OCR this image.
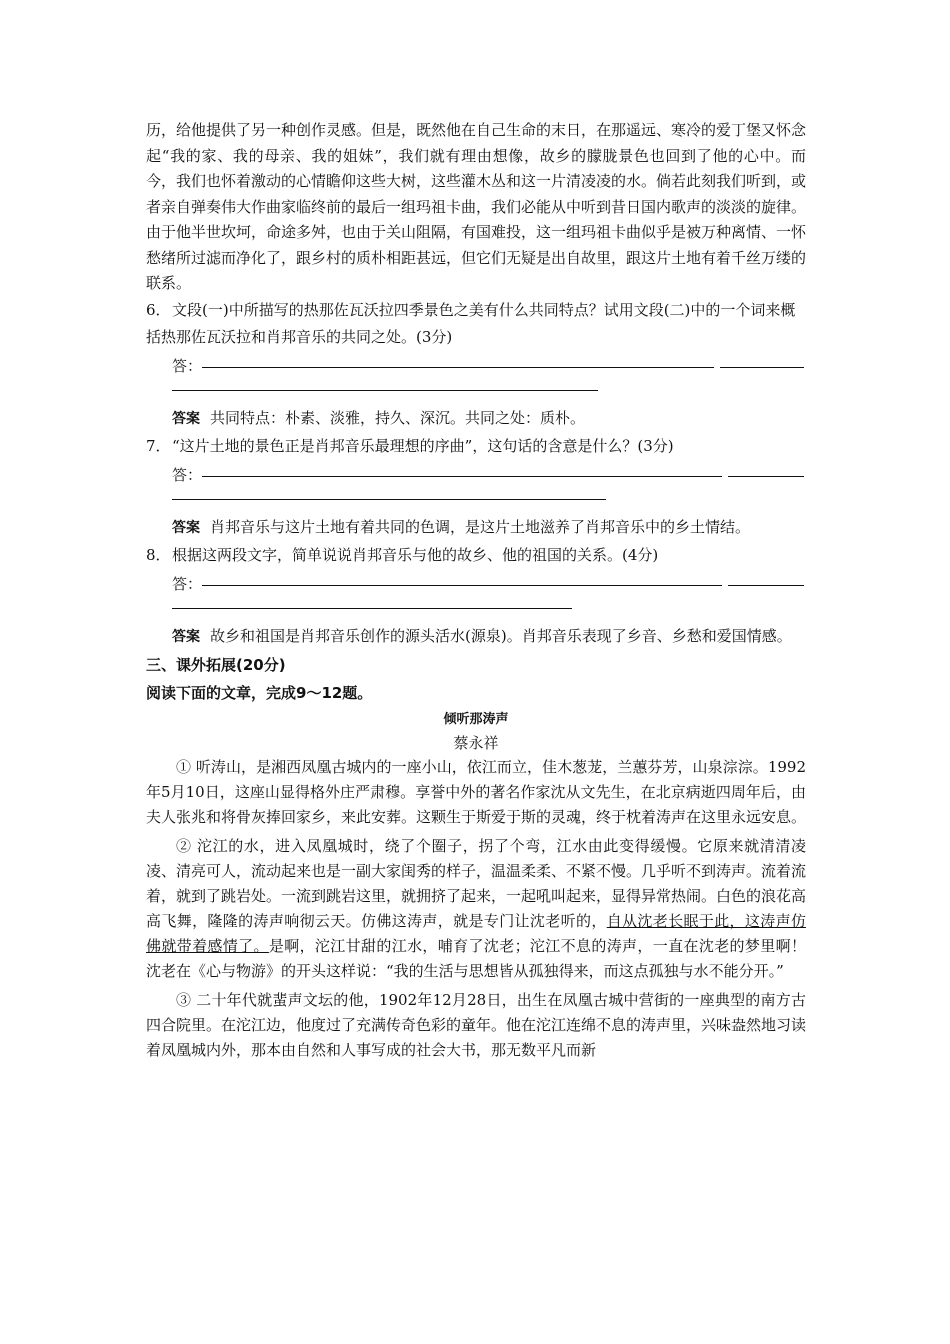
历，给他提供了另一种创作灵感。但是，既然他在自己生命的末日，在那遥远、寒冷的爱丁堡又怀念起“我的家、我的母亲、我的姐妹”，我们就有理由想像，故乡的朦胧景色也回到了他的心中。而今，我们也怀着激动的心情瞻仰这些大树，这些灌木丛和这一片清凌凌的水。倘若此刻我们听到，或者亲自弹奏伟大作曲家临终前的最后一组玛祖卡曲，我们必能从中听到昔日国内歌声的淡淡的旋律。由于他半世坎坷，命途多舛，也由于关山阻隔，有国难投，这一组玛祖卡曲似乎是被万种离情、一怀愁绪所过滤而净化了，跟乡村的质朴相距甚远，但它们无疑是出自故里，跟这片土地有着千丝万缕的联系。

6．文段(一)中所描写的热那佐瓦沃拉四季景色之美有什么共同特点？试用文段(二)中的一个词来概括热那佐瓦沃拉和肖邦音乐的共同之处。(3分)

答：

答案 共同特点：朴素、淡雅，持久、深沉。共同之处：质朴。

7．“这片土地的景色正是肖邦音乐最理想的序曲”，这句话的含意是什么？(3分)

答：

答案 肖邦音乐与这片土地有着共同的色调，是这片土地滋养了肖邦音乐中的乡土情结。

8．根据这两段文字，简单说说肖邦音乐与他的故乡、他的祖国的关系。(4分)

答：

答案 故乡和祖国是肖邦音乐创作的源头活水(源泉)。肖邦音乐表现了乡音、乡愁和爱国情感。

三、课外拓展(20分)

阅读下面的文章，完成9～12题。

倾听那涛声

蔡永祥

① 听涛山，是湘西凤凰古城内的一座小山，依江而立，佳木葱茏，兰蕙芬芳，山泉淙淙。1992年5月10日，这座山显得格外庄严肃穆。享誉中外的著名作家沈从文先生，在北京病逝四周年后，由夫人张兆和将骨灰捧回家乡，来此安葬。这颗生于斯爱于斯的灵魂，终于枕着涛声在这里永远安息。

② 沱江的水，进入凤凰城时，绕了个圈子，拐了个弯，江水由此变得缓慢。它原来就清清凌凌、清亮可人，流动起来也是一副大家闺秀的样子，温温柔柔、不紧不慢。几乎听不到涛声。流着流着，就到了跳岩处。一流到跳岩这里，就拥挤了起来，一起吼叫起来，显得异常热闹。白色的浪花高高飞舞，隆隆的涛声响彻云天。仿佛这涛声，就是专门让沈老听的，自从沈老长眠于此，这涛声仿佛就带着感情了。是啊，沱江甘甜的江水，哺育了沈老；沱江不息的涛声，一直在沈老的梦里啊！沈老在《心与物游》的开头这样说：“我的生活与思想皆从孤独得来，而这点孤独与水不能分开。”

③ 二十年代就蜚声文坛的他，1902年12月28日，出生在凤凰古城中营街的一座典型的南方古四合院里。在沱江边，他度过了充满传奇色彩的童年。他在沱江连绵不息的涛声里，兴味盎然地习读着凤凰城内外，那本由自然和人事写成的社会大书，那无数平凡而新
